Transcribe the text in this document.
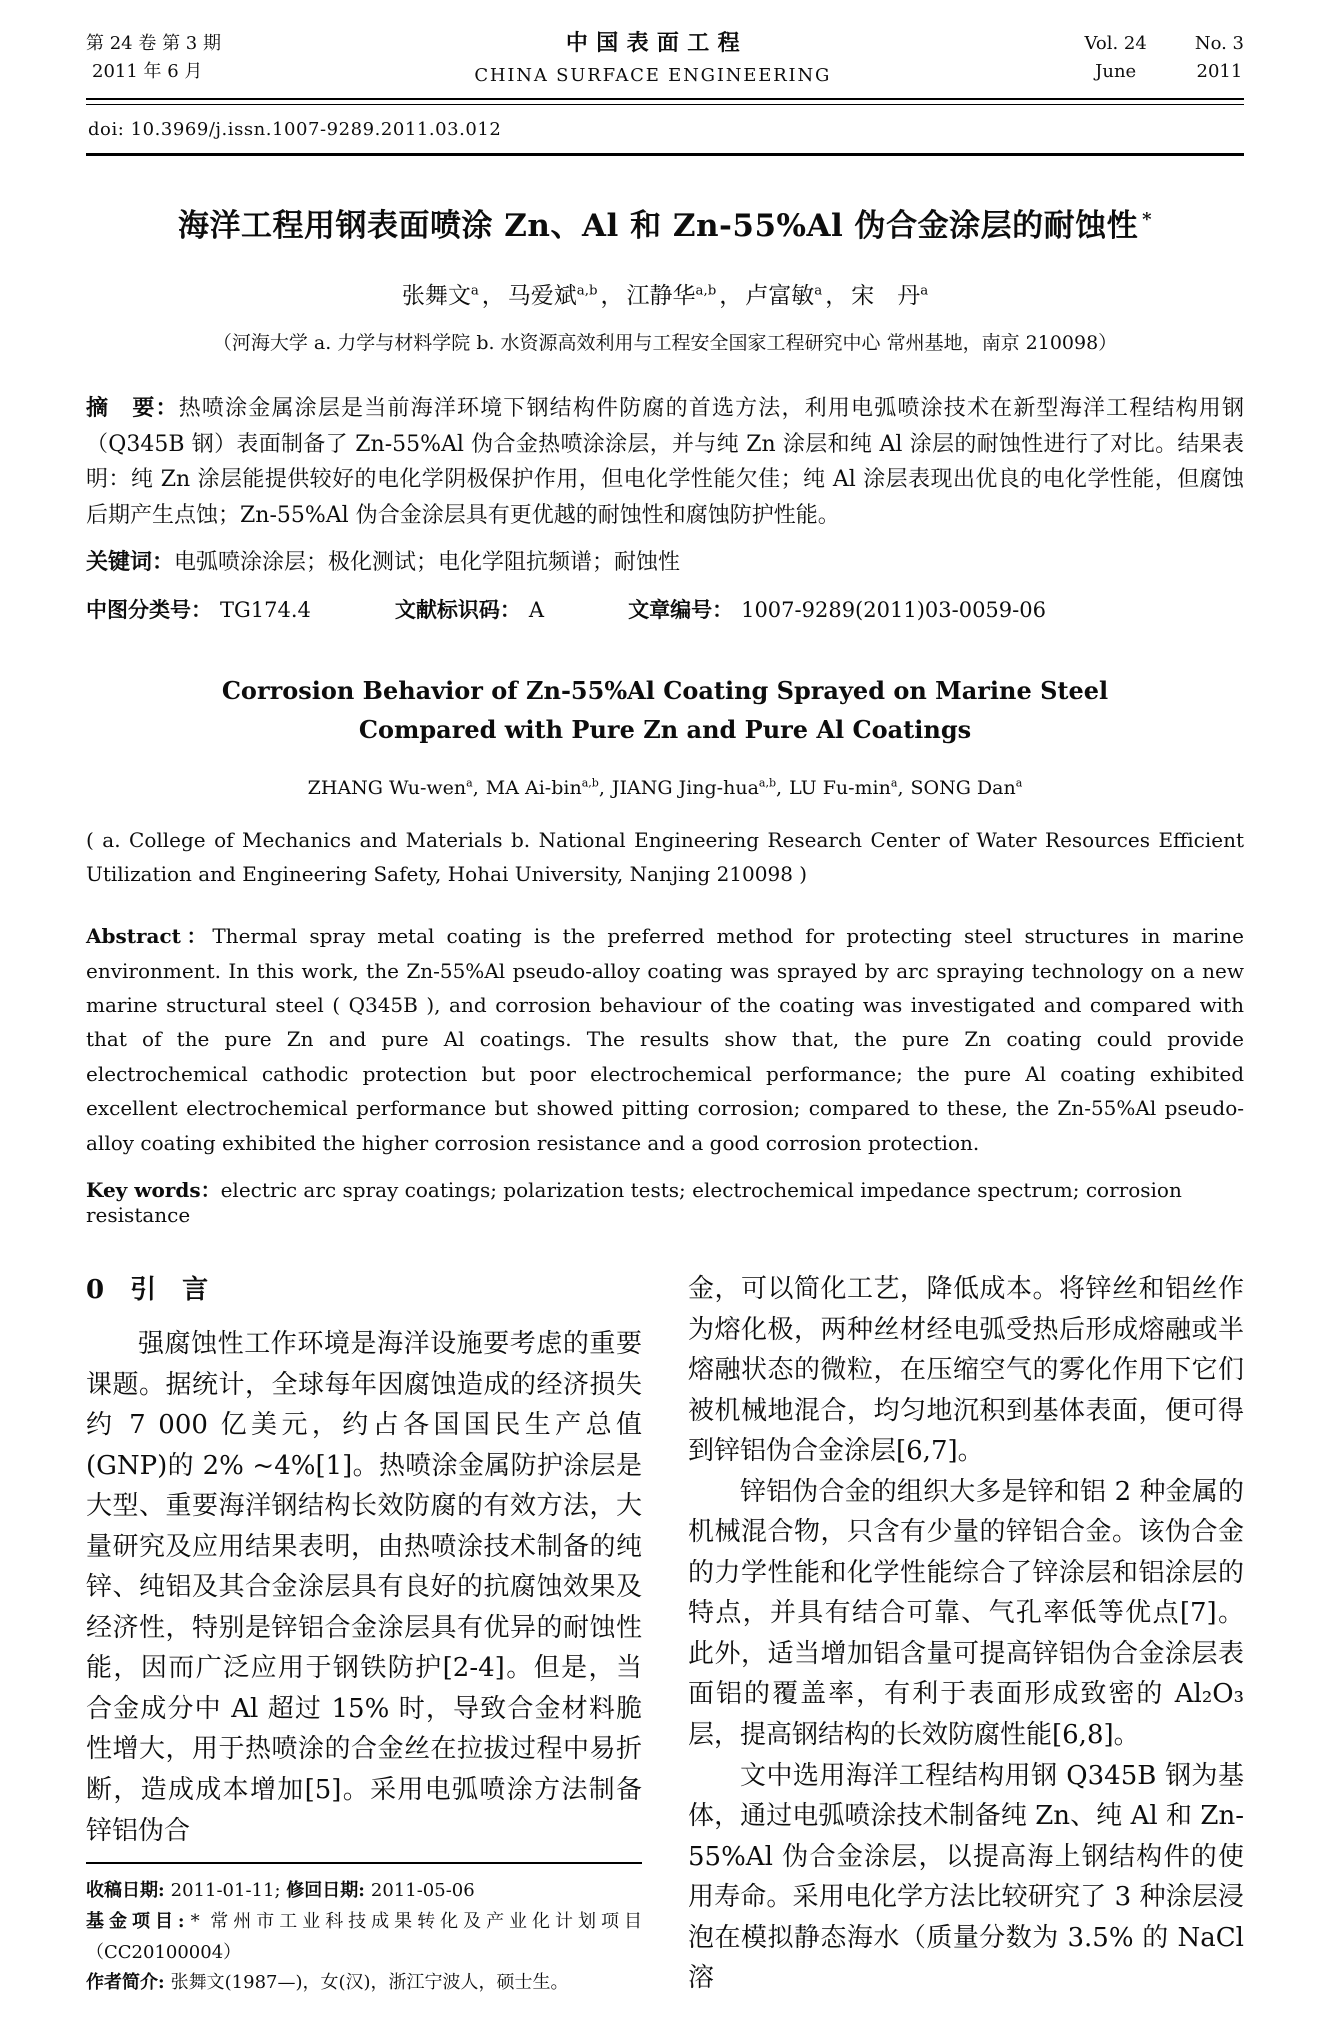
第 24 卷 第 3 期
2011 年 6 月
中国表面工程
CHINA SURFACE ENGINEERING
Vol. 24	No. 3
June	2011
doi: 10.3969/j.issn.1007-9289.2011.03.012
海洋工程用钢表面喷涂 Zn、Al 和 Zn-55%Al 伪合金涂层的耐蚀性 *
张舞文$^a$ ， 马爱斌$^{a,b}$ ， 江静华$^{a,b}$ ， 卢富敏$^a$ ， 宋　丹$^a$
（河海大学 a. 力学与材料学院 b. 水资源高效利用与工程安全国家工程研究中心 常州基地，南京 210098）

摘　要：热喷涂金属涂层是当前海洋环境下钢结构件防腐的首选方法，利用电弧喷涂技术在新型海洋工程结构用钢（Q345B 钢）表面制备了 Zn-55%Al 伪合金热喷涂涂层，并与纯 Zn 涂层和纯 Al 涂层的耐蚀性进行了对比。结果表明：纯 Zn 涂层能提供较好的电化学阴极保护作用，但电化学性能欠佳；纯 Al 涂层表现出优良的电化学性能，但腐蚀后期产生点蚀；Zn-55%Al 伪合金涂层具有更优越的耐蚀性和腐蚀防护性能。

关键词：电弧喷涂涂层；极化测试；电化学阻抗频谱；耐蚀性

中图分类号： TG174.4	文献标识码： A	文章编号： 1007-9289(2011)03-0059-06
Corrosion Behavior of Zn-55%Al Coating Sprayed on Marine Steel
Compared with Pure Zn and Pure Al Coatings
ZHANG Wu-wen$^a$, MA Ai-bin$^{a,b}$, JIANG Jing-hua$^{a,b}$, LU $Fu-\min^a$, SONG Dan$^a$

( a. College of Mechanics and Materials b. National Engineering Research Center of Water Resources Efficient Utilization and Engineering Safety, Hohai University, Nanjing 210098 )

Abstract：Thermal spray metal coating is the preferred method for protecting steel structures in marine environment. In this work, the Zn-55%Al pseudo-alloy coating was sprayed by arc spraying technology on a new marine structural steel ( Q345B ), and corrosion behaviour of the coating was investigated and compared with that of the pure Zn and pure Al coatings. The results show that, the pure Zn coating could provide electrochemical cathodic protection but poor electrochemical performance; the pure Al coating exhibited excellent electrochemical performance but showed pitting corrosion; compared to these, the Zn-55%Al pseudo-alloy coating exhibited the higher corrosion resistance and a good corrosion protection.

Key words：electric arc spray coatings; polarization tests; electrochemical impedance spectrum; corrosion resistance

0　引　言

强腐蚀性工作环境是海洋设施要考虑的重要课题。据统计，全球每年因腐蚀造成的经济损失约 7 000 亿美元，约占各国国民生产总值(GNP)的 2% ~4%[1]。热喷涂金属防护涂层是大型、重要海洋钢结构长效防腐的有效方法，大量研究及应用结果表明，由热喷涂技术制备的纯锌、纯铝及其合金涂层具有良好的抗腐蚀效果及经济性，特别是锌铝合金涂层具有优异的耐蚀性能，因而广泛应用于钢铁防护[2-4]。但是，当合金成分中 Al 超过 15% 时，导致合金材料脆性增大，用于热喷涂的合金丝在拉拔过程中易折断，造成成本增加[5]。采用电弧喷涂方法制备锌铝伪合

收稿日期: 2011-01-11; 修回日期: 2011-05-06
基金项目: * 常州市工业科技成果转化及产业化计划项目（CC20100004）
作者简介: 张舞文(1987—)，女(汉)，浙江宁波人，硕士生。

金，可以简化工艺，降低成本。将锌丝和铝丝作为熔化极，两种丝材经电弧受热后形成熔融或半熔融状态的微粒，在压缩空气的雾化作用下它们被机械地混合，均匀地沉积到基体表面，便可得到锌铝伪合金涂层[6,7]。

锌铝伪合金的组织大多是锌和铝 2 种金属的机械混合物，只含有少量的锌铝合金。该伪合金的力学性能和化学性能综合了锌涂层和铝涂层的特点，并具有结合可靠、气孔率低等优点[7]。此外，适当增加铝含量可提高锌铝伪合金涂层表面铝的覆盖率，有利于表面形成致密的 Al₂O₃ 层，提高钢结构的长效防腐性能[6,8]。

文中选用海洋工程结构用钢 Q345B 钢为基体，通过电弧喷涂技术制备纯 Zn、纯 Al 和 Zn-55%Al 伪合金涂层，以提高海上钢结构件的使用寿命。采用电化学方法比较研究了 3 种涂层浸泡在模拟静态海水（质量分数为 3.5% 的 NaCl 溶
